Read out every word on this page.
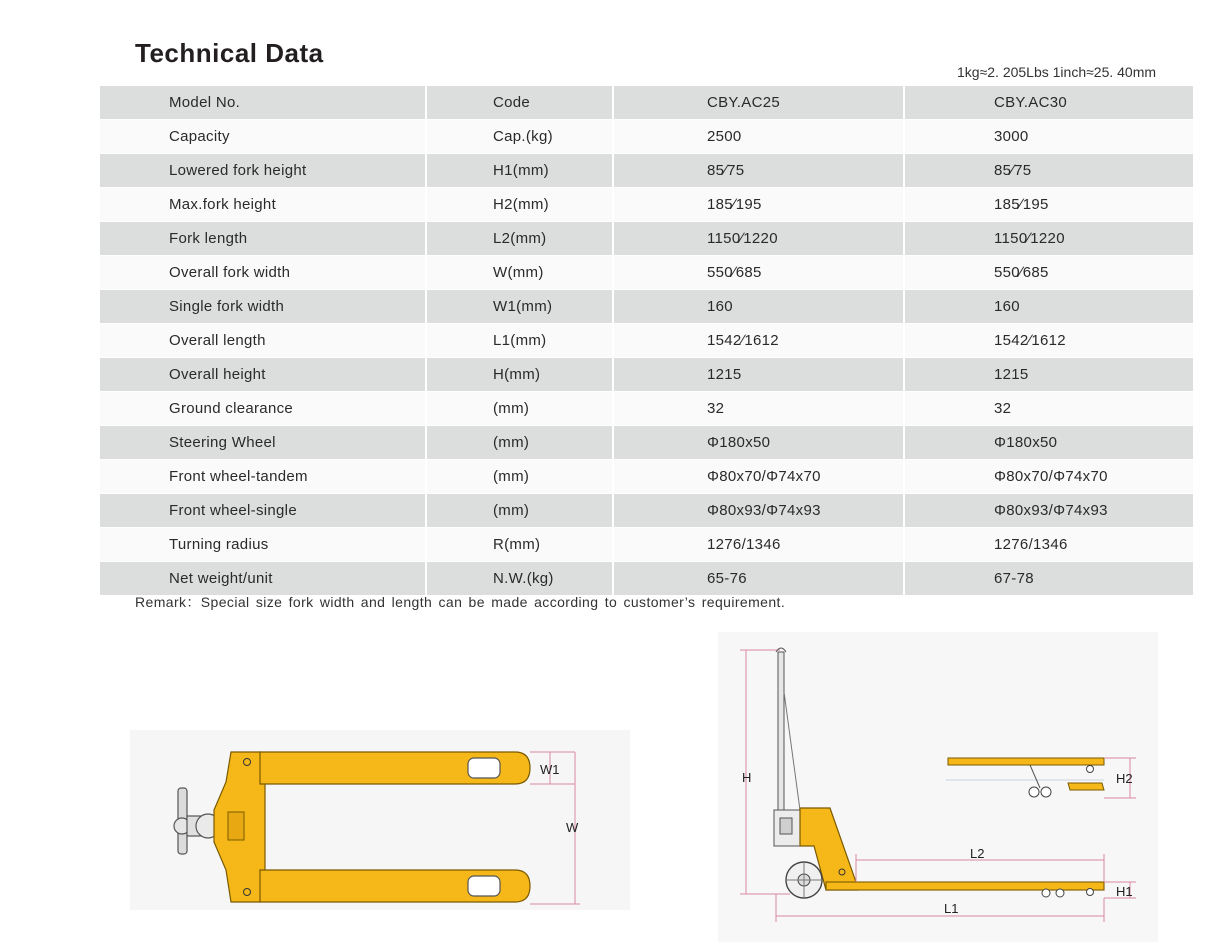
Technical Data
1kg≈2. 205Lbs 1inch≈25. 40mm
Model No.	Code	CBY.AC25	CBY.AC30
Capacity	Cap.(kg)	2500	3000
Lowered fork height	H1(mm)	85∕75	85∕75
Max.fork height	H2(mm)	185∕195	185∕195
Fork length	L2(mm)	1150∕1220	1150∕1220
Overall fork width	W(mm)	550∕685	550∕685
Single fork width	W1(mm)	160	160
Overall length	L1(mm)	1542∕1612	1542∕1612
Overall height	H(mm)	1215	1215
Ground clearance	(mm)	32	32
Steering Wheel	(mm)	Φ180x50	Φ180x50
Front wheel-tandem	(mm)	Φ80x70/Φ74x70	Φ80x70/Φ74x70
Front wheel-single	(mm)	Φ80x93/Φ74x93	Φ80x93/Φ74x93
Turning radius	R(mm)	1276/1346	1276/1346
Net weight/unit	N.W.(kg)	65-76	67-78
Remark：Special size fork width and length can be made according to customer’s requirement.
W1
W
H	H2
L2
H1
L1
